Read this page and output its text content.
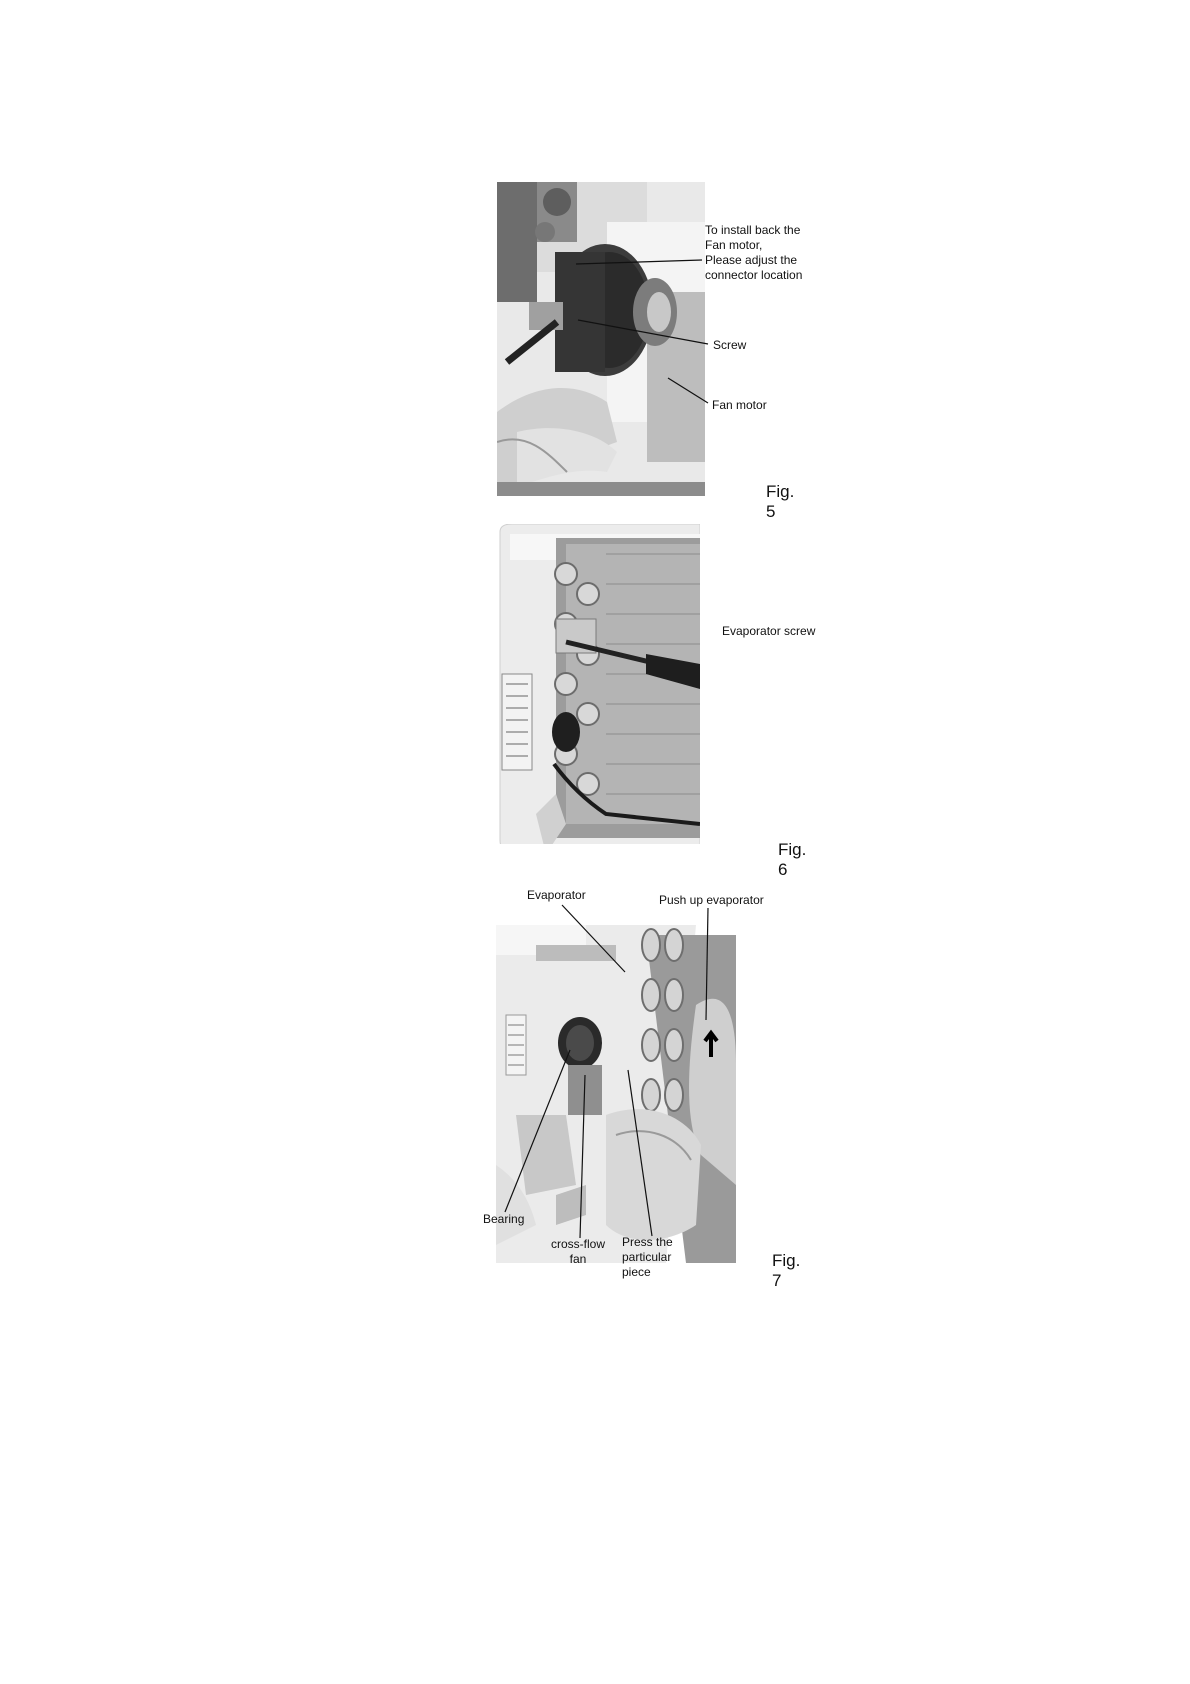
To install back the
Fan motor,
Please adjust the
connector location
Screw
Fan motor
Fig. 5
Evaporator screw
Fig. 6
Evaporator	Push up evaporator
Bearing
cross-flow
fan
Press the
particular
piece
Fig. 7
